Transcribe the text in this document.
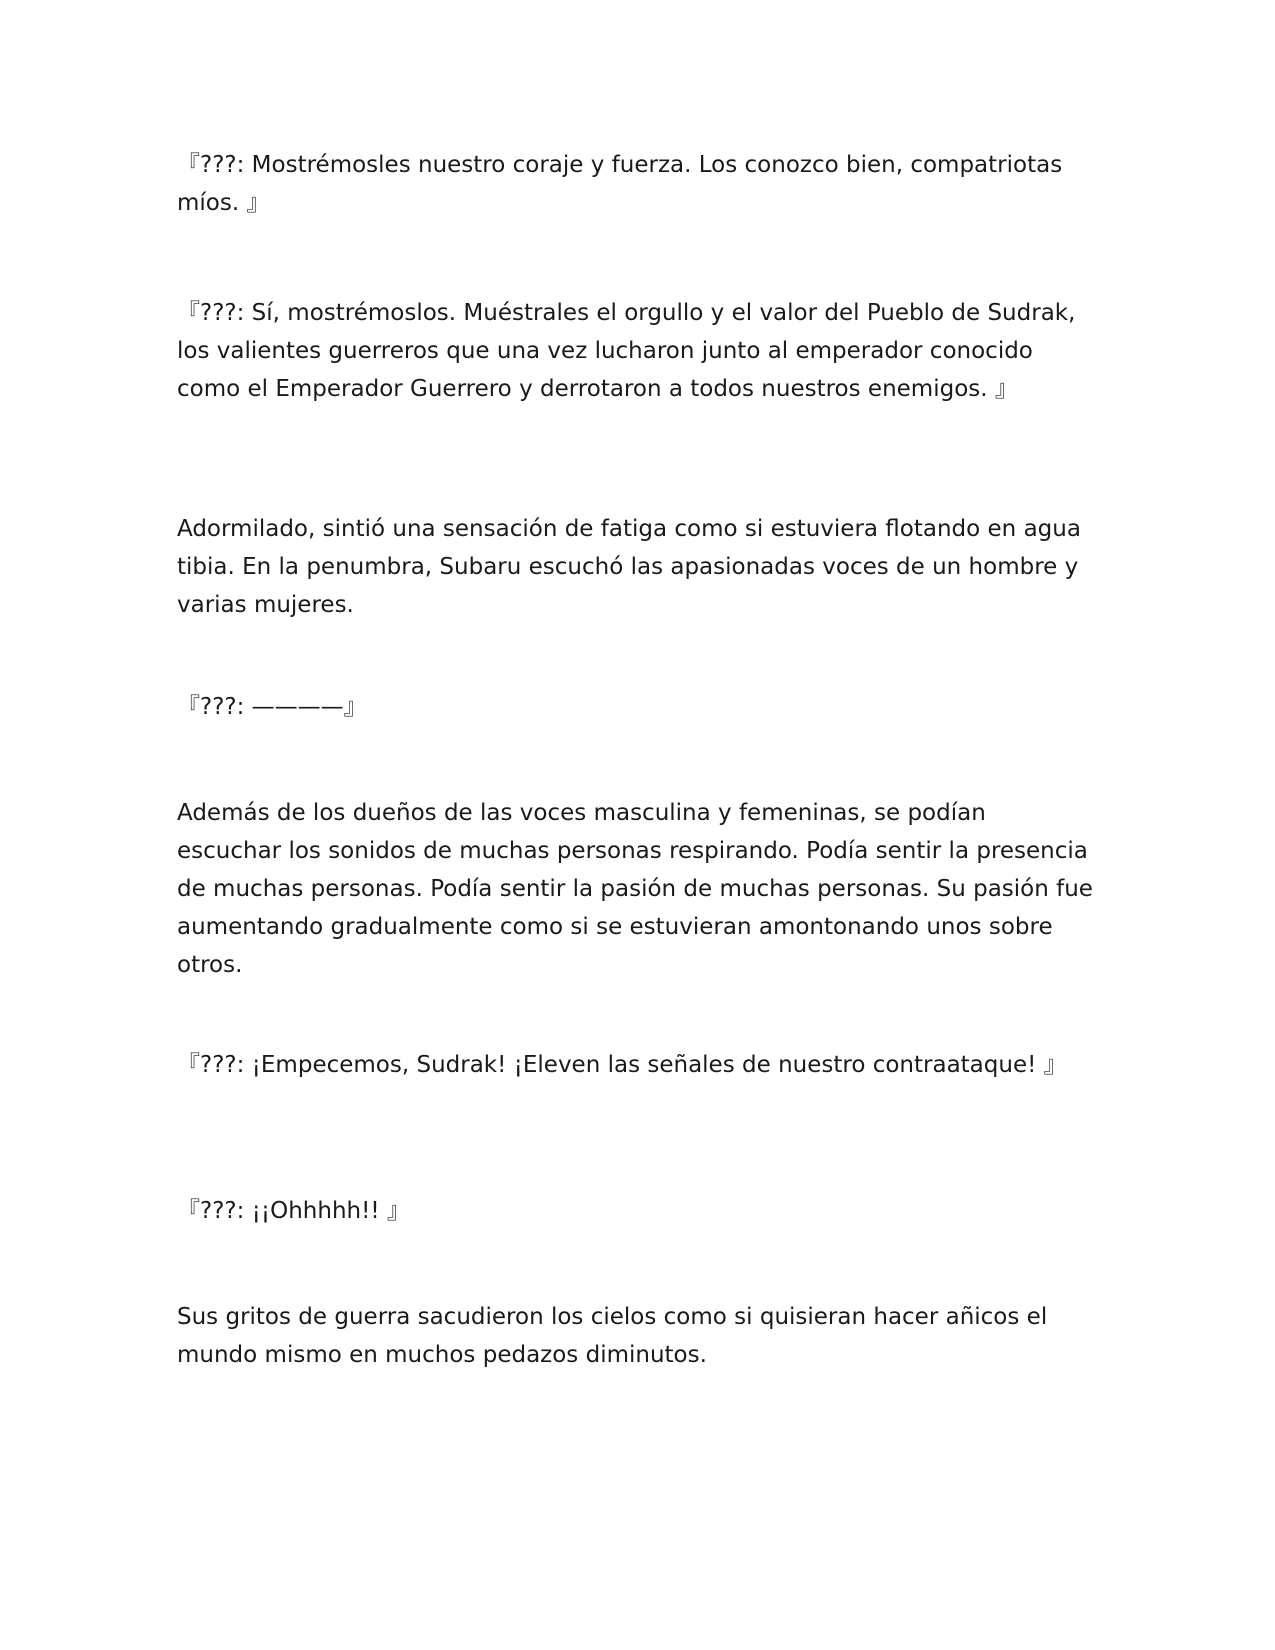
『???: Mostrémosles nuestro coraje y fuerza. Los conozco bien, compatriotas míos. 』

『???: Sí, mostrémoslos. Muéstrales el orgullo y el valor del Pueblo de Sudrak, los valientes guerreros que una vez lucharon junto al emperador conocido como el Emperador Guerrero y derrotaron a todos nuestros enemigos. 』

Adormilado, sintió una sensación de fatiga como si estuviera flotando en agua tibia. En la penumbra, Subaru escuchó las apasionadas voces de un hombre y varias mujeres.

『???: ————』

Además de los dueños de las voces masculina y femeninas, se podían escuchar los sonidos de muchas personas respirando. Podía sentir la presencia de muchas personas. Podía sentir la pasión de muchas personas. Su pasión fue aumentando gradualmente como si se estuvieran amontonando unos sobre otros.

『???: ¡Empecemos, Sudrak! ¡Eleven las señales de nuestro contraataque! 』

『???: ¡¡Ohhhhh!! 』

Sus gritos de guerra sacudieron los cielos como si quisieran hacer añicos el mundo mismo en muchos pedazos diminutos.
